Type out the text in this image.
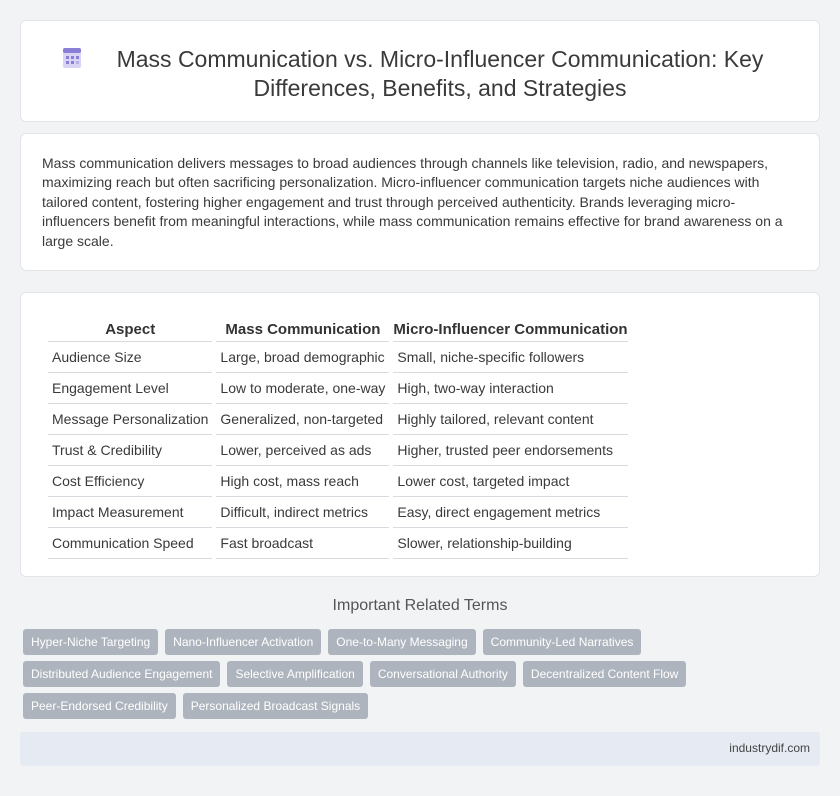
Mass Communication vs. Micro-Influencer Communication: Key Differences, Benefits, and Strategies

Mass communication delivers messages to broad audiences through channels like television, radio, and newspapers, maximizing reach but often sacrificing personalization. Micro-influencer communication targets niche audiences with tailored content, fostering higher engagement and trust through perceived authenticity. Brands leveraging micro-influencers benefit from meaningful interactions, while mass communication remains effective for brand awareness on a large scale.

Aspect	Mass Communication	Micro-Influencer Communication
Audience Size	Large, broad demographic	Small, niche-specific followers
Engagement Level	Low to moderate, one-way	High, two-way interaction
Message Personalization	Generalized, non-targeted	Highly tailored, relevant content
Trust & Credibility	Lower, perceived as ads	Higher, trusted peer endorsements
Cost Efficiency	High cost, mass reach	Lower cost, targeted impact
Impact Measurement	Difficult, indirect metrics	Easy, direct engagement metrics
Communication Speed	Fast broadcast	Slower, relationship-building
Important Related Terms
Hyper-Niche Targeting	Nano-Influencer Activation	One-to-Many Messaging	Community-Led Narratives
Distributed Audience Engagement	Selective Amplification	Conversational Authority	Decentralized Content Flow
Peer-Endorsed Credibility	Personalized Broadcast Signals
industrydif.com
